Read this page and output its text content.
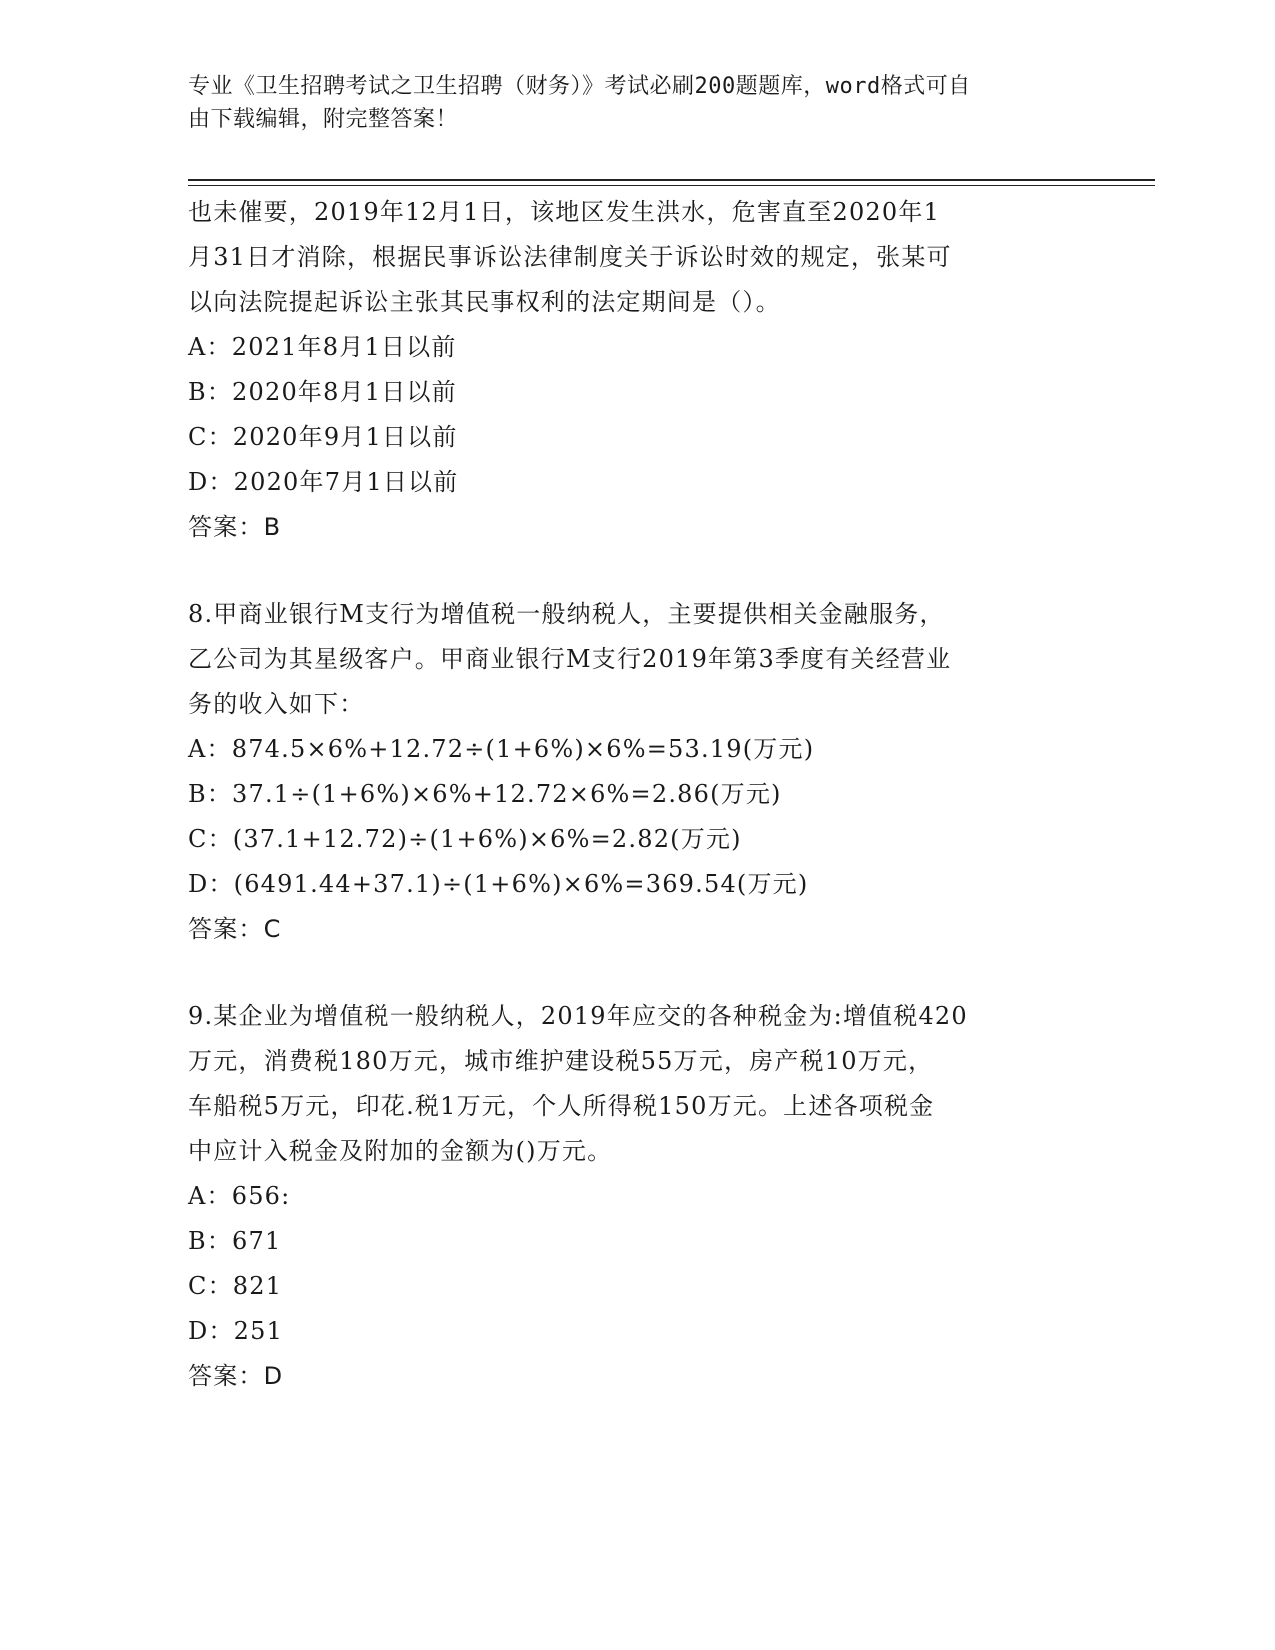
专业《卫生招聘考试之卫生招聘（财务）》考试必刷200题题库，word格式可自
由下载编辑，附完整答案！

也未催要，2019年12月1日，该地区发生洪水，危害直至2020年1

月31日才消除，根据民事诉讼法律制度关于诉讼时效的规定，张某可

以向法院提起诉讼主张其民事权利的法定期间是（）。

A：2021年8月1日以前

B：2020年8月1日以前

C：2020年9月1日以前

D：2020年7月1日以前

答案：B

8.甲商业银行M支行为增值税一般纳税人，主要提供相关金融服务，

乙公司为其星级客户。甲商业银行M支行2019年第3季度有关经营业

务的收入如下：

A：874.5×6%+12.72÷(1+6%)×6%=53.19(万元)

B：37.1÷(1+6%)×6%+12.72×6%=2.86(万元)

C：(37.1+12.72)÷(1+6%)×6%=2.82(万元)

D：(6491.44+37.1)÷(1+6%)×6%=369.54(万元)

答案：C

9.某企业为增值税一般纳税人，2019年应交的各种税金为:增值税420

万元，消费税180万元，城市维护建设税55万元，房产税10万元，

车船税5万元，印花.税1万元，个人所得税150万元。上述各项税金

中应计入税金及附加的金额为()万元。

A：656:

B：671

C：821

D：251

答案：D
